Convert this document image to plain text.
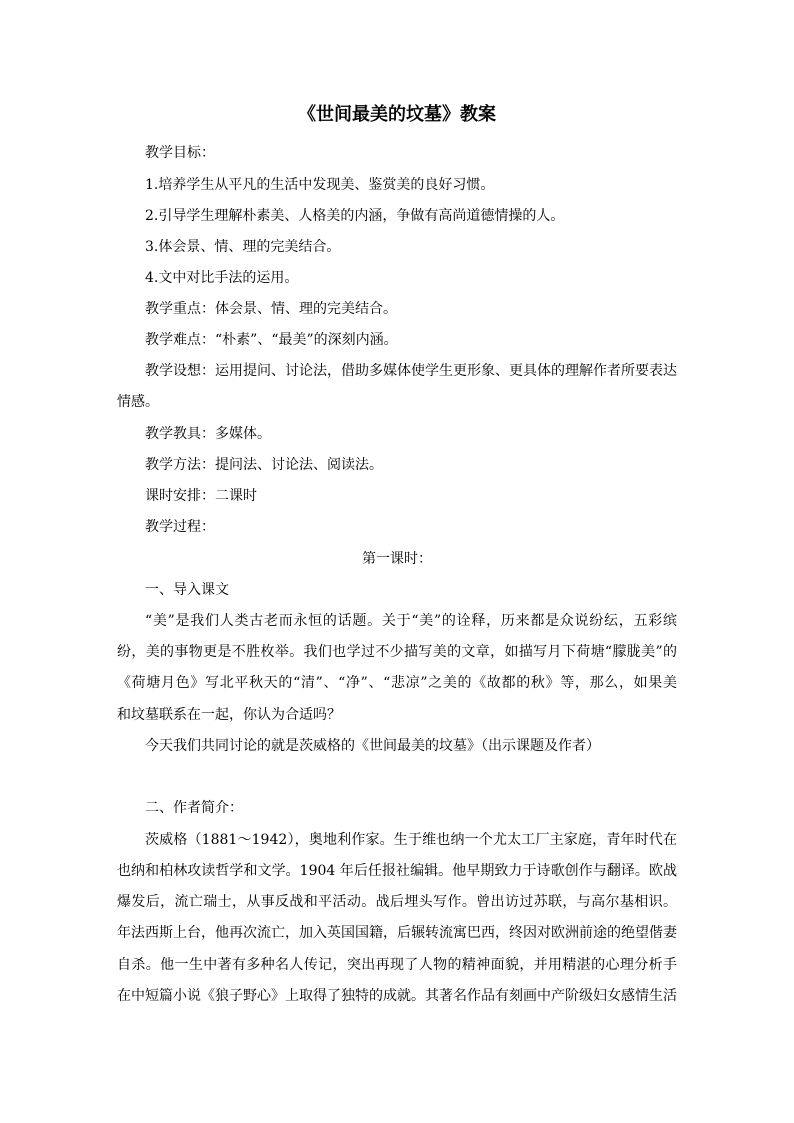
《世间最美的坟墓》教案
教学目标：
1.培养学生从平凡的生活中发现美、鉴赏美的良好习惯。
2.引导学生理解朴素美、人格美的内涵，争做有高尚道德情操的人。
3.体会景、情、理的完美结合。
4.文中对比手法的运用。
教学重点：体会景、情、理的完美结合。
教学难点：“朴素”、“最美”的深刻内涵。
教学设想：运用提问、讨论法，借助多媒体使学生更形象、更具体的理解作者所要表达
情感。
教学教具：多媒体。
教学方法：提问法、讨论法、阅读法。
课时安排：二课时
教学过程：
第一课时：
一、导入课文
“美”是我们人类古老而永恒的话题。关于“美”的诠释，历来都是众说纷纭，五彩缤
纷，美的事物更是不胜枚举。我们也学过不少描写美的文章，如描写月下荷塘“朦胧美”的
《荷塘月色》写北平秋天的“清”、“净”、“悲凉”之美的《故都的秋》等，那么，如果美
和坟墓联系在一起，你认为合适吗？
今天我们共同讨论的就是茨威格的《世间最美的坟墓》（出示课题及作者）
二、作者简介：
茨威格（1881～1942），奥地利作家。生于维也纳一个尤太工厂主家庭，青年时代在
也纳和柏林攻读哲学和文学。1904 年后任报社编辑。他早期致力于诗歌创作与翻译。欧战
爆发后，流亡瑞士，从事反战和平活动。战后埋头写作。曾出访过苏联，与高尔基相识。
年法西斯上台，他再次流亡，加入英国国籍，后辗转流寓巴西，终因对欧洲前途的绝望偕妻
自杀。他一生中著有多种名人传记，突出再现了人物的精神面貌，并用精湛的心理分析手
在中短篇小说《狼子野心》上取得了独特的成就。其著名作品有刻画中产阶级妇女感情生活
